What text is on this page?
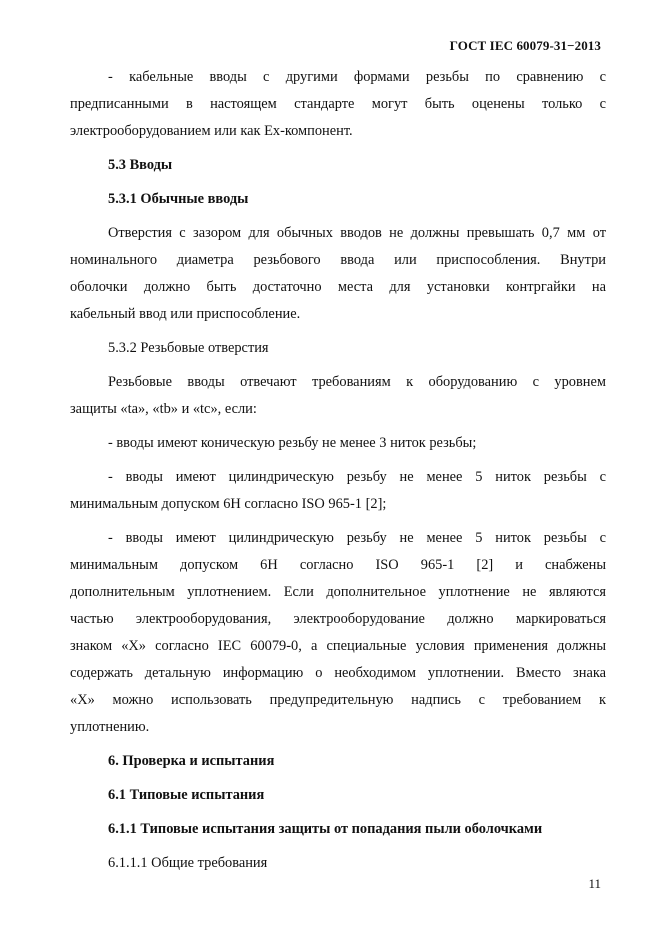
ГОСТ IEC 60079-31−2013

- кабельные вводы с другими формами резьбы по сравнению с

предписанными в настоящем стандарте могут быть оценены только с

электрооборудованием или как Ex-компонент.

5.3 Вводы

5.3.1 Обычные вводы

Отверстия с зазором для обычных вводов не должны превышать 0,7 мм от

номинального диаметра резьбового ввода или приспособления. Внутри

оболочки должно быть достаточно места для установки контргайки на

кабельный ввод или приспособление.

5.3.2 Резьбовые отверстия

Резьбовые вводы отвечают требованиям к оборудованию с уровнем

защиты «ta», «tb» и «tc», если:

- вводы имеют коническую резьбу не менее 3 ниток резьбы;

- вводы имеют цилиндрическую резьбу не менее 5 ниток резьбы с

минимальным допуском 6H согласно ISO 965-1 [2];

- вводы имеют цилиндрическую резьбу не менее 5 ниток резьбы с

минимальным допуском 6H согласно ISO 965-1 [2] и снабжены

дополнительным уплотнением. Если дополнительное уплотнение не являются

частью электрооборудования, электрооборудование должно маркироваться

знаком «Х» согласно IEC 60079-0, а специальные условия применения должны

содержать детальную информацию о необходимом уплотнении. Вместо знака

«Х» можно использовать предупредительную надпись с требованием к

уплотнению.

6. Проверка и испытания

6.1 Типовые испытания

6.1.1 Типовые испытания защиты от попадания пыли оболочками

6.1.1.1 Общие требования

11
